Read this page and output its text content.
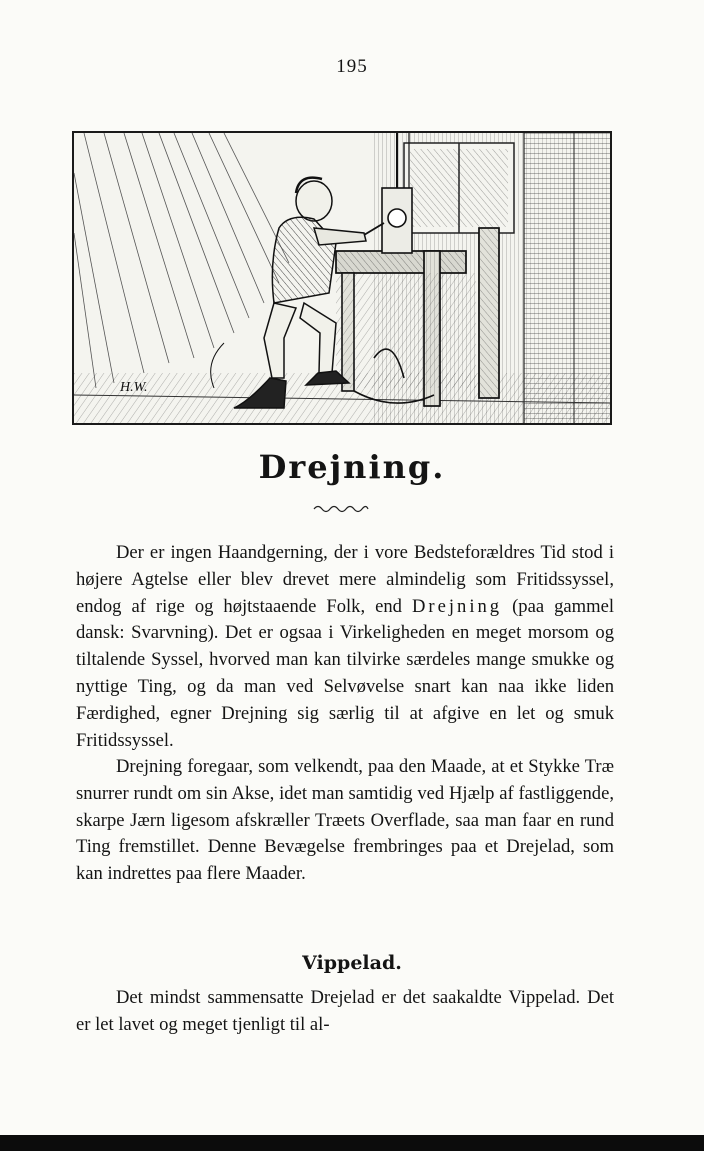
195
H.W.
Drejning.

Der er ingen Haandgerning, der i vore Bedsteforældres Tid stod i højere Agtelse eller blev drevet mere almindelig som Fritidssyssel, endog af rige og højtstaaende Folk, end Drejning (paa gammel dansk: Svarvning). Det er ogsaa i Virkeligheden en meget morsom og tiltalende Syssel, hvorved man kan tilvirke særdeles mange smukke og nyttige Ting, og da man ved Selvøvelse snart kan naa ikke liden Færdighed, egner Drejning sig særlig til at afgive en let og smuk Fritidssyssel.

Drejning foregaar, som velkendt, paa den Maade, at et Stykke Træ snurrer rundt om sin Akse, idet man samtidig ved Hjælp af fastliggende, skarpe Jærn ligesom afskræller Træets Overflade, saa man faar en rund Ting fremstillet. Denne Bevægelse frembringes paa et Drejelad, som kan indrettes paa flere Maader.

Vippelad.

Det mindst sammensatte Drejelad er det saakaldte Vippelad. Det er let lavet og meget tjenligt til al-
